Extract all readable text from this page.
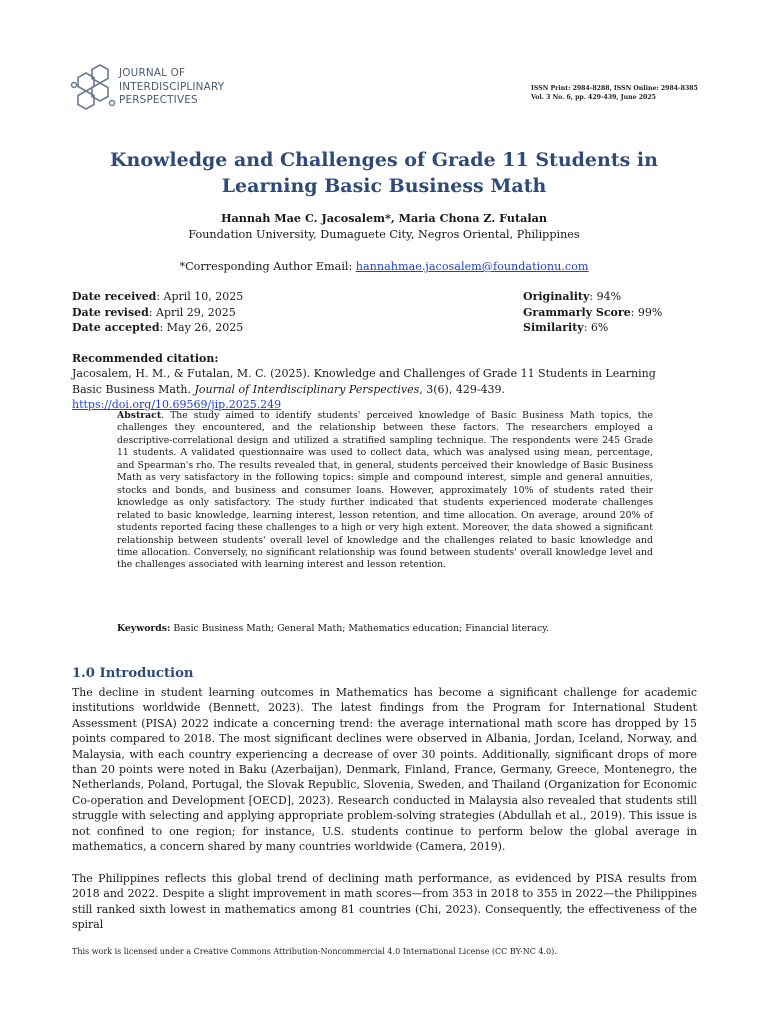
JOURNAL OF
INTERDISCIPLINARY
PERSPECTIVES
ISSN Print: 2984-8288, ISSN Online: 2984-8385
Vol. 3 No. 6, pp. 429-439, June 2025
Knowledge and Challenges of Grade 11 Students in
Learning Basic Business Math
Hannah Mae C. Jacosalem*, Maria Chona Z. Futalan
Foundation University, Dumaguete City, Negros Oriental, Philippines
*Corresponding Author Email: hannahmae.jacosalem@foundationu.com
Date received: April 10, 2025
Date revised: April 29, 2025
Date accepted: May 26, 2025
Originality: 94%
Grammarly Score: 99%
Similarity: 6%
Recommended citation:
Jacosalem, H. M., & Futalan, M. C. (2025). Knowledge and Challenges of Grade 11 Students in Learning Basic Business Math. Journal of Interdisciplinary Perspectives, 3(6), 429-439. https://doi.org/10.69569/jip.2025.249
Abstract. The study aimed to identify students' perceived knowledge of Basic Business Math topics, the challenges they encountered, and the relationship between these factors. The researchers employed a descriptive-correlational design and utilized a stratified sampling technique. The respondents were 245 Grade 11 students. A validated questionnaire was used to collect data, which was analysed using mean, percentage, and Spearman's rho. The results revealed that, in general, students perceived their knowledge of Basic Business Math as very satisfactory in the following topics: simple and compound interest, simple and general annuities, stocks and bonds, and business and consumer loans. However, approximately 10% of students rated their knowledge as only satisfactory. The study further indicated that students experienced moderate challenges related to basic knowledge, learning interest, lesson retention, and time allocation. On average, around 20% of students reported facing these challenges to a high or very high extent. Moreover, the data showed a significant relationship between students' overall level of knowledge and the challenges related to basic knowledge and time allocation. Conversely, no significant relationship was found between students' overall knowledge level and the challenges associated with learning interest and lesson retention.
Keywords: Basic Business Math; General Math; Mathematics education; Financial literacy.
1.0 Introduction
The decline in student learning outcomes in Mathematics has become a significant challenge for academic institutions worldwide (Bennett, 2023). The latest findings from the Program for International Student Assessment (PISA) 2022 indicate a concerning trend: the average international math score has dropped by 15 points compared to 2018. The most significant declines were observed in Albania, Jordan, Iceland, Norway, and Malaysia, with each country experiencing a decrease of over 30 points. Additionally, significant drops of more than 20 points were noted in Baku (Azerbaijan), Denmark, Finland, France, Germany, Greece, Montenegro, the Netherlands, Poland, Portugal, the Slovak Republic, Slovenia, Sweden, and Thailand (Organization for Economic Co-operation and Development [OECD], 2023). Research conducted in Malaysia also revealed that students still struggle with selecting and applying appropriate problem-solving strategies (Abdullah et al., 2019). This issue is not confined to one region; for instance, U.S. students continue to perform below the global average in mathematics, a concern shared by many countries worldwide (Camera, 2019).
The Philippines reflects this global trend of declining math performance, as evidenced by PISA results from 2018 and 2022. Despite a slight improvement in math scores—from 353 in 2018 to 355 in 2022—the Philippines still ranked sixth lowest in mathematics among 81 countries (Chi, 2023). Consequently, the effectiveness of the spiral
This work is licensed under a Creative Commons Attribution-Noncommercial 4.0 International License (CC BY-NC 4.0).
